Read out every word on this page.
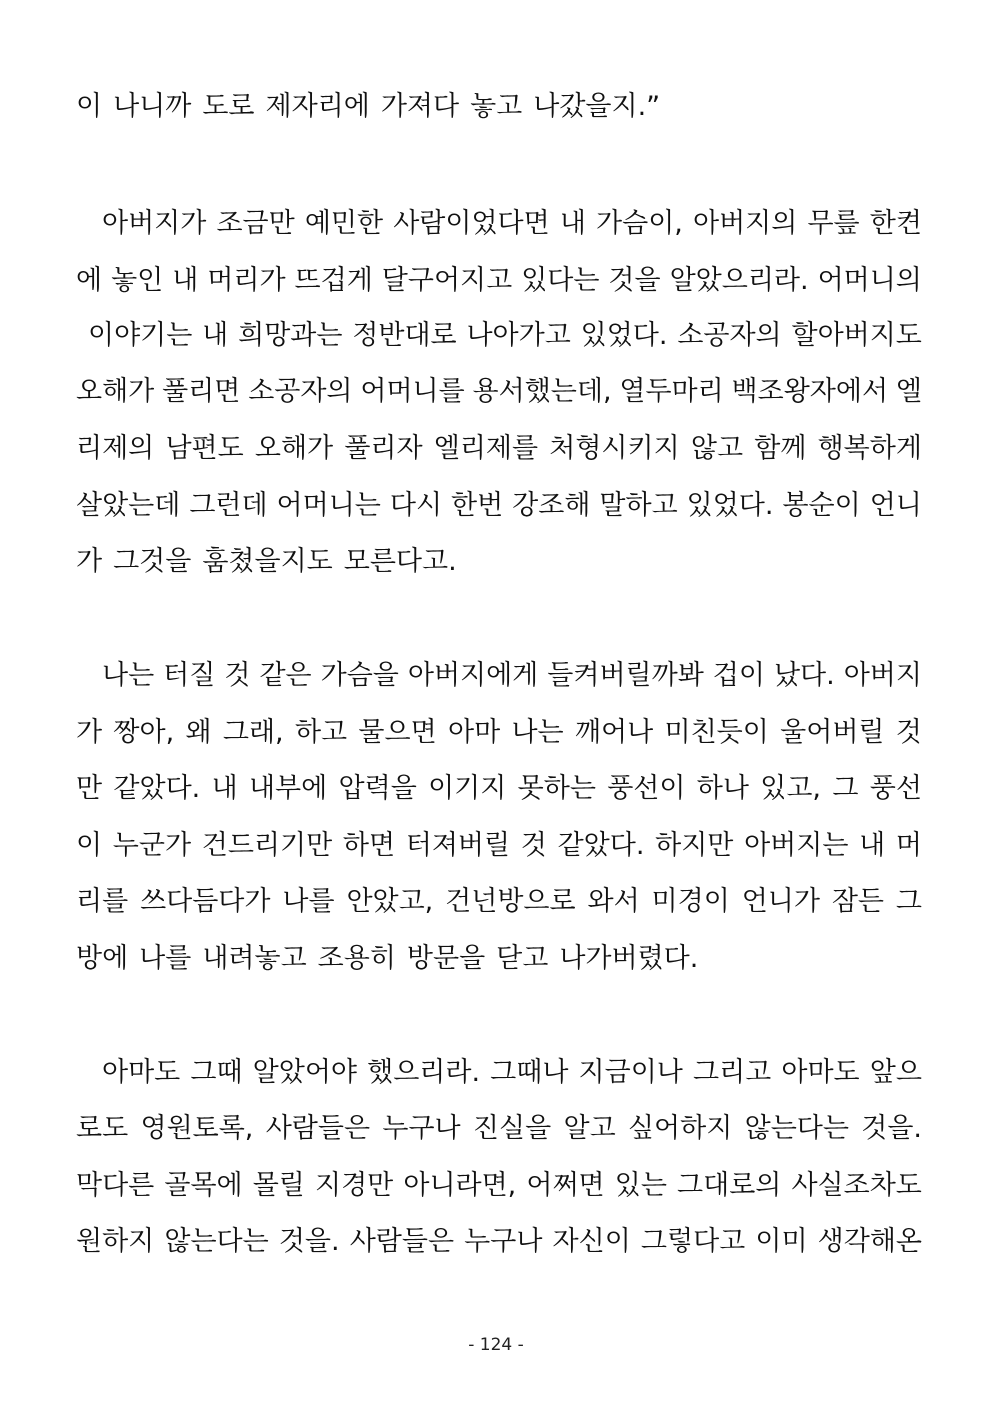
이 나니까 도로 제자리에 가져다 놓고 나갔을지.”
아버지가 조금만 예민한 사람이었다면 내 가슴이, 아버지의 무릎 한켠
에 놓인 내 머리가 뜨겁게 달구어지고 있다는 것을 알았으리라. 어머니의
이야기는 내 희망과는 정반대로 나아가고 있었다. 소공자의 할아버지도
오해가 풀리면 소공자의 어머니를 용서했는데, 열두마리 백조왕자에서 엘
리제의 남편도 오해가 풀리자 엘리제를 처형시키지 않고 함께 행복하게
살았는데 그런데 어머니는 다시 한번 강조해 말하고 있었다. 봉순이 언니
가 그것을 훔쳤을지도 모른다고.
나는 터질 것 같은 가슴을 아버지에게 들켜버릴까봐 겁이 났다. 아버지
가 짱아, 왜 그래, 하고 물으면 아마 나는 깨어나 미친듯이 울어버릴 것
만 같았다. 내 내부에 압력을 이기지 못하는 풍선이 하나 있고, 그 풍선
이 누군가 건드리기만 하면 터져버릴 것 같았다. 하지만 아버지는 내 머
리를 쓰다듬다가 나를 안았고, 건넌방으로 와서 미경이 언니가 잠든 그
방에 나를 내려놓고 조용히 방문을 닫고 나가버렸다.
아마도 그때 알았어야 했으리라. 그때나 지금이나 그리고 아마도 앞으
로도 영원토록, 사람들은 누구나 진실을 알고 싶어하지 않는다는 것을.
막다른 골목에 몰릴 지경만 아니라면, 어쩌면 있는 그대로의 사실조차도
원하지 않는다는 것을. 사람들은 누구나 자신이 그렇다고 이미 생각해온
- 124 -
